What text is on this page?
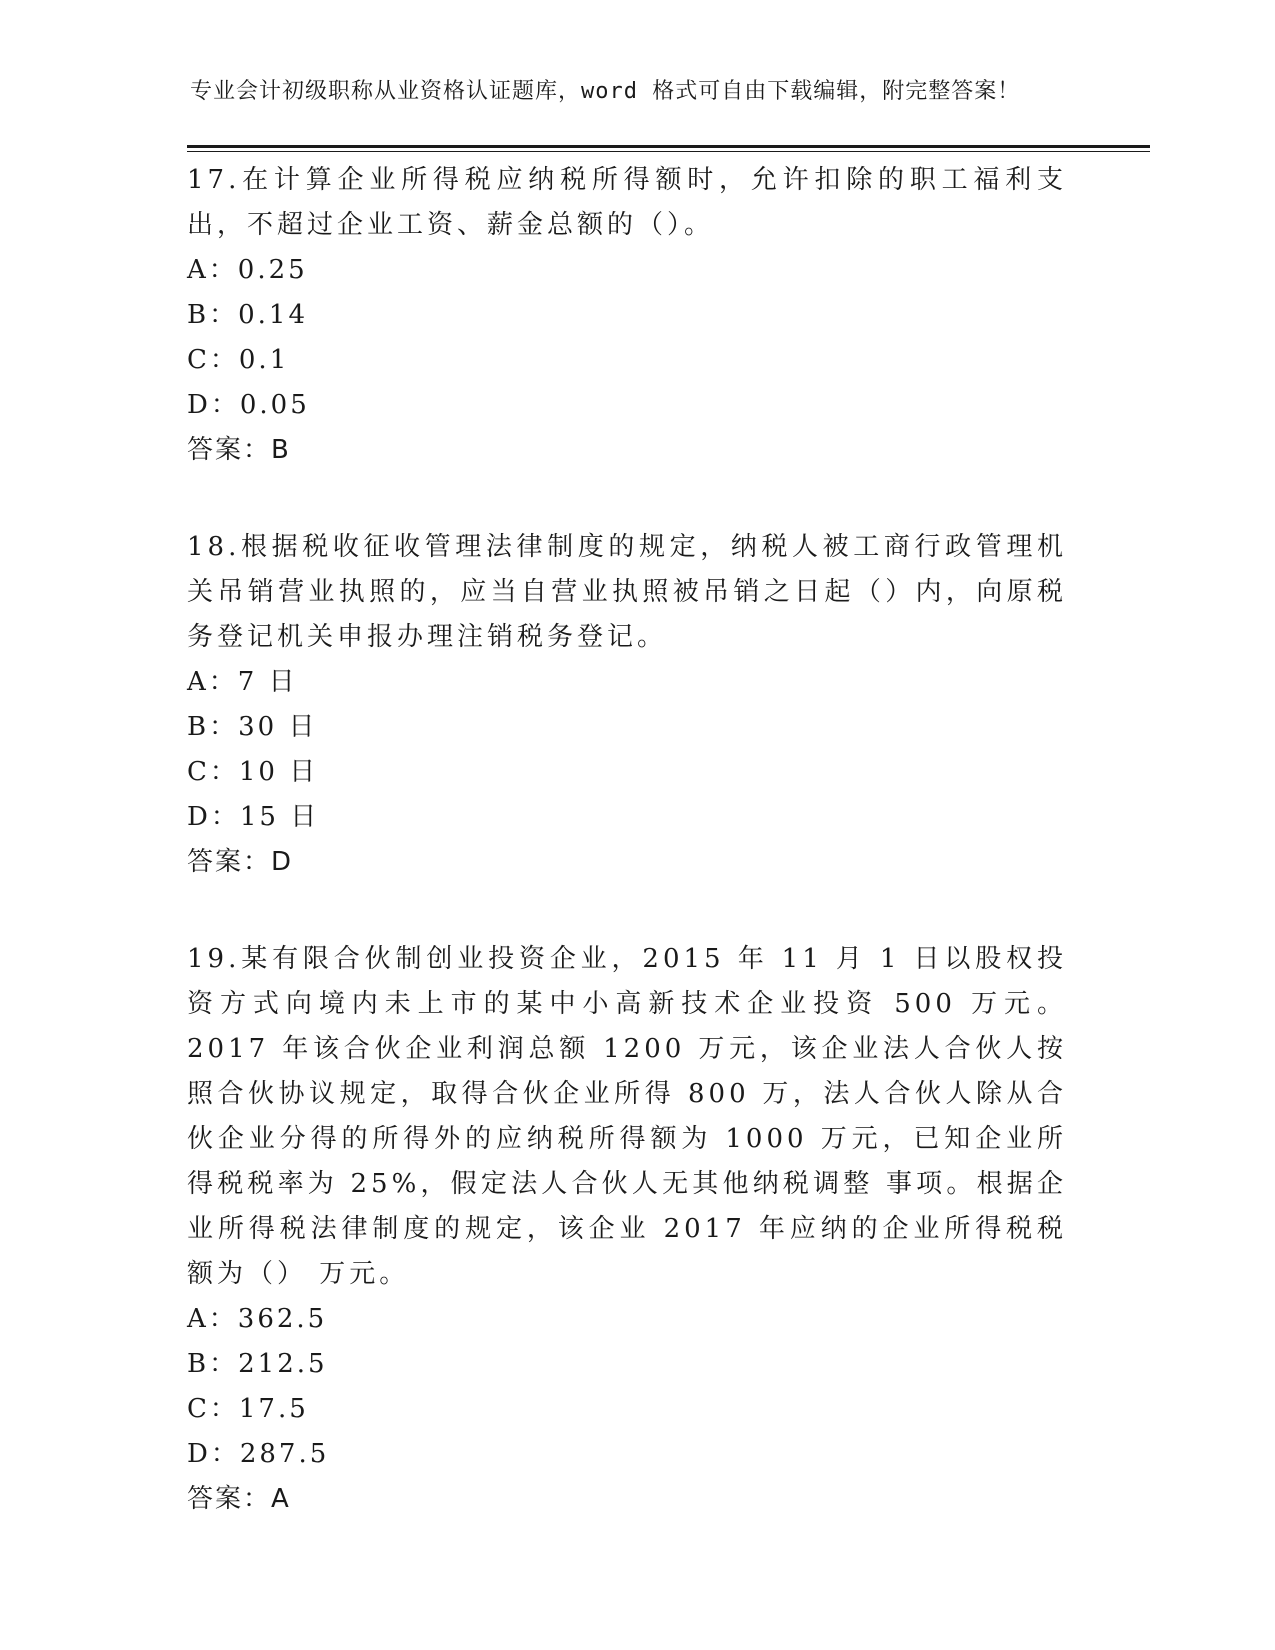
专业会计初级职称从业资格认证题库，word 格式可自由下载编辑，附完整答案！

17.在计算企业所得税应纳税所得额时，允许扣除的职工福利支出，不超过企业工资、薪金总额的（）。

A：0.25

B：0.14

C：0.1

D：0.05

答案：B

18.根据税收征收管理法律制度的规定，纳税人被工商行政管理机关吊销营业执照的，应当自营业执照被吊销之日起（）内，向原税务登记机关申报办理注销税务登记。

A：7 日

B：30 日

C：10 日

D：15 日

答案：D

19.某有限合伙制创业投资企业，2015 年 11 月 1 日以股权投资方式向境内未上市的某中小高新技术企业投资 500 万元。2017 年该合伙企业利润总额 1200 万元，该企业法人合伙人按照合伙协议规定，取得合伙企业所得 800 万，法人合伙人除从合伙企业分得的所得外的应纳税所得额为 1000 万元，已知企业所得税税率为 25%，假定法人合伙人无其他纳税调整 事项。根据企业所得税法律制度的规定，该企业 2017 年应纳的企业所得税税额为（） 万元。

A：362.5

B：212.5

C：17.5

D：287.5

答案：A
